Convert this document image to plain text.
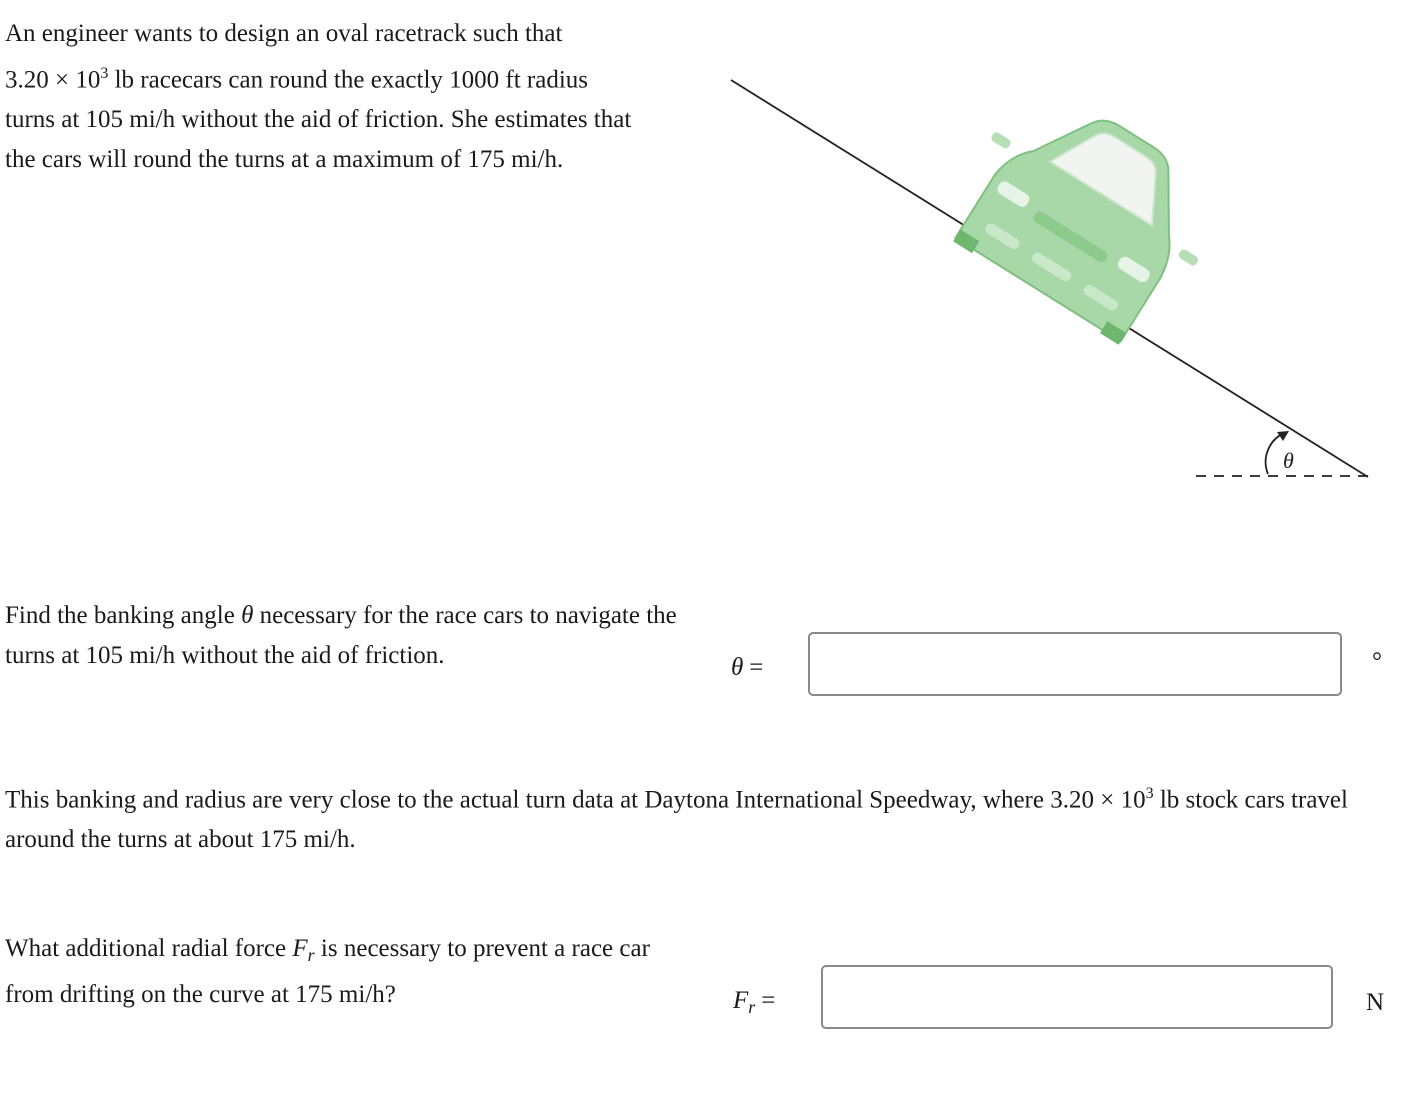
An engineer wants to design an oval racetrack such that
$3.20 \times 10^3$ lb racecars can round the exactly 1000 ft radius
turns at 105 mi/h without the aid of friction. She estimates that
the cars will round the turns at a maximum of 175 mi/h.

θ

Find the banking angle θ necessary for the race cars to navigate the turns at 105 mi/h without the aid of friction.	θ =	°

This banking and radius are very close to the actual turn data at Daytona International Speedway, where $3.20 \times 10^3$ lb stock cars travel around the turns at about 175 mi/h.

What additional radial force $F_r$ is necessary to prevent a race car from drifting on the curve at 175 mi/h?	$F_r$ =	N
